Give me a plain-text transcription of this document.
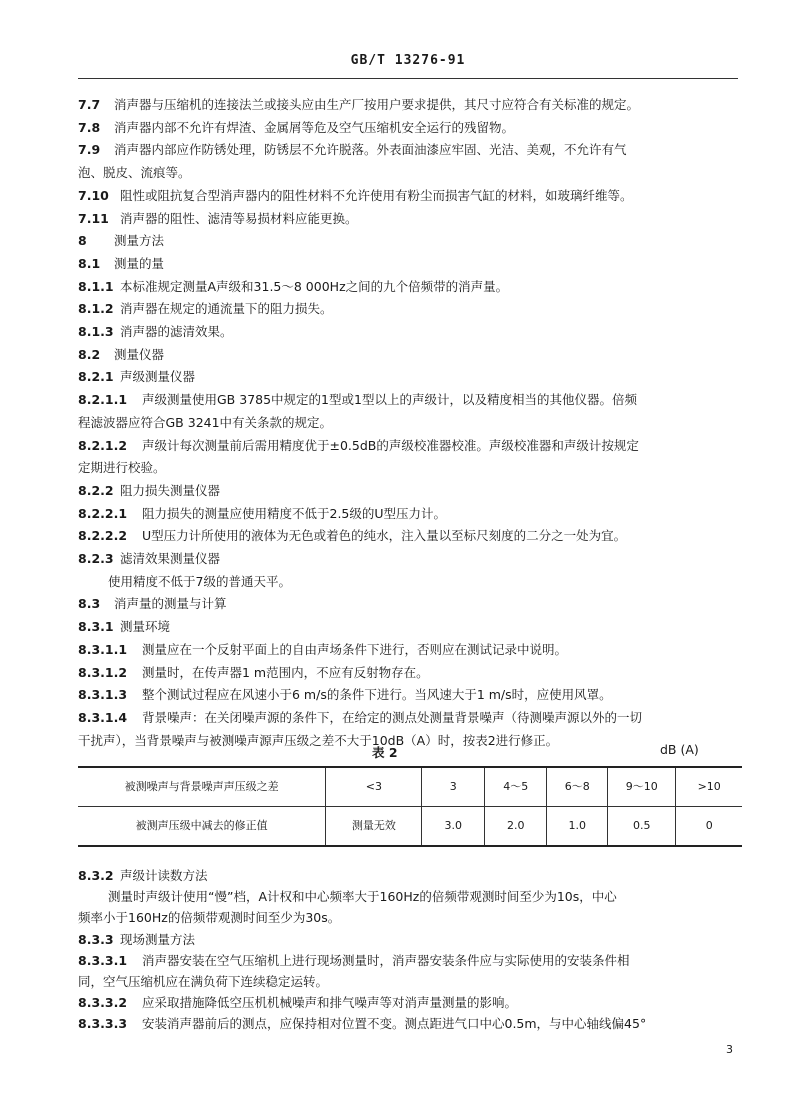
GB/T 13276-91
7.7 消声器与压缩机的连接法兰或接头应由生产厂按用户要求提供，其尺寸应符合有关标准的规定。
7.8 消声器内部不允许有焊渣、金属屑等危及空气压缩机安全运行的残留物。
7.9 消声器内部应作防锈处理，防锈层不允许脱落。外表面油漆应牢固、光洁、美观，不允许有气
泡、脱皮、流痕等。
7.10 阻性或阻抗复合型消声器内的阻性材料不允许使用有粉尘而损害气缸的材料，如玻璃纤维等。
7.11 消声器的阻性、滤清等易损材料应能更换。
8 测量方法
8.1 测量的量
8.1.1 本标准规定测量A声级和31.5～8 000Hz之间的九个倍频带的消声量。
8.1.2 消声器在规定的通流量下的阻力损失。
8.1.3 消声器的滤清效果。
8.2 测量仪器
8.2.1 声级测量仪器
8.2.1.1 声级测量使用GB 3785中规定的1型或1型以上的声级计，以及精度相当的其他仪器。倍频
程滤波器应符合GB 3241中有关条款的规定。
8.2.1.2 声级计每次测量前后需用精度优于±0.5dB的声级校准器校准。声级校准器和声级计按规定
定期进行校验。
8.2.2 阻力损失测量仪器
8.2.2.1 阻力损失的测量应使用精度不低于2.5级的U型压力计。
8.2.2.2 U型压力计所使用的液体为无色或着色的纯水，注入量以至标尺刻度的二分之一处为宜。
8.2.3 滤清效果测量仪器
使用精度不低于7级的普通天平。
8.3 消声量的测量与计算
8.3.1 测量环境
8.3.1.1 测量应在一个反射平面上的自由声场条件下进行，否则应在测试记录中说明。
8.3.1.2 测量时，在传声器1 m范围内，不应有反射物存在。
8.3.1.3 整个测试过程应在风速小于6 m/s的条件下进行。当风速大于1 m/s时，应使用风罩。
8.3.1.4 背景噪声：在关闭噪声源的条件下，在给定的测点处测量背景噪声（待测噪声源以外的一切
干扰声），当背景噪声与被测噪声源声压级之差不大于10dB（A）时，按表2进行修正。
表 2	dB (A)
被测噪声与背景噪声声压级之差	<3	3	4～5	6～8	9～10	>10
被测声压级中减去的修正值	测量无效	3.0	2.0	1.0	0.5	0
8.3.2 声级计读数方法
测量时声级计使用“慢”档，A计权和中心频率大于160Hz的倍频带观测时间至少为10s，中心
频率小于160Hz的倍频带观测时间至少为30s。
8.3.3 现场测量方法
8.3.3.1 消声器安装在空气压缩机上进行现场测量时，消声器安装条件应与实际使用的安装条件相
同，空气压缩机应在满负荷下连续稳定运转。
8.3.3.2 应采取措施降低空压机机械噪声和排气噪声等对消声量测量的影响。
8.3.3.3 安装消声器前后的测点，应保持相对位置不变。测点距进气口中心0.5m，与中心轴线偏45°
3
